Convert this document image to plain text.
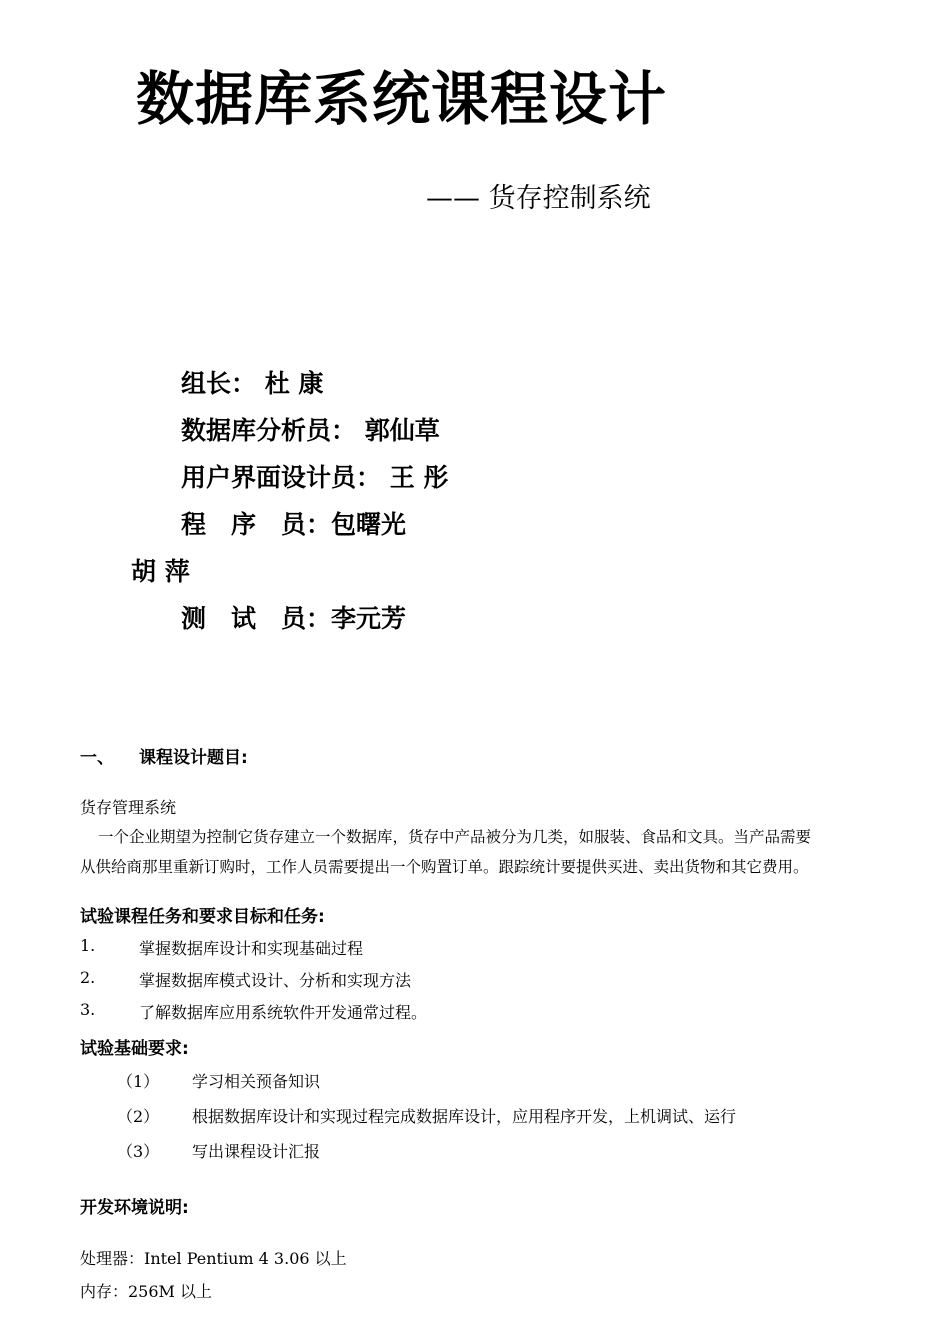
数据库系统课程设计
—— 货存控制系统
组长： 杜 康
数据库分析员： 郭仙草
用户界面设计员： 王 彤
程　序　员：包曙光
胡 萍
测　试　员：李元芳
一、 课程设计题目:
货存管理系统
一个企业期望为控制它货存建立一个数据库，货存中产品被分为几类，如服装、食品和文具。当产品需要
从供给商那里重新订购时，工作人员需要提出一个购置订单。跟踪统计要提供买进、卖出货物和其它费用。
试验课程任务和要求目标和任务:
1.	掌握数据库设计和实现基础过程
2.	掌握数据库模式设计、分析和实现方法
3.	了解数据库应用系统软件开发通常过程。
试验基础要求:
（1） 学习相关预备知识
（2） 根据数据库设计和实现过程完成数据库设计，应用程序开发，上机调试、运行
（3） 写出课程设计汇报
开发环境说明:
处理器：Intel Pentium 4 3.06 以上
内存：256M 以上
